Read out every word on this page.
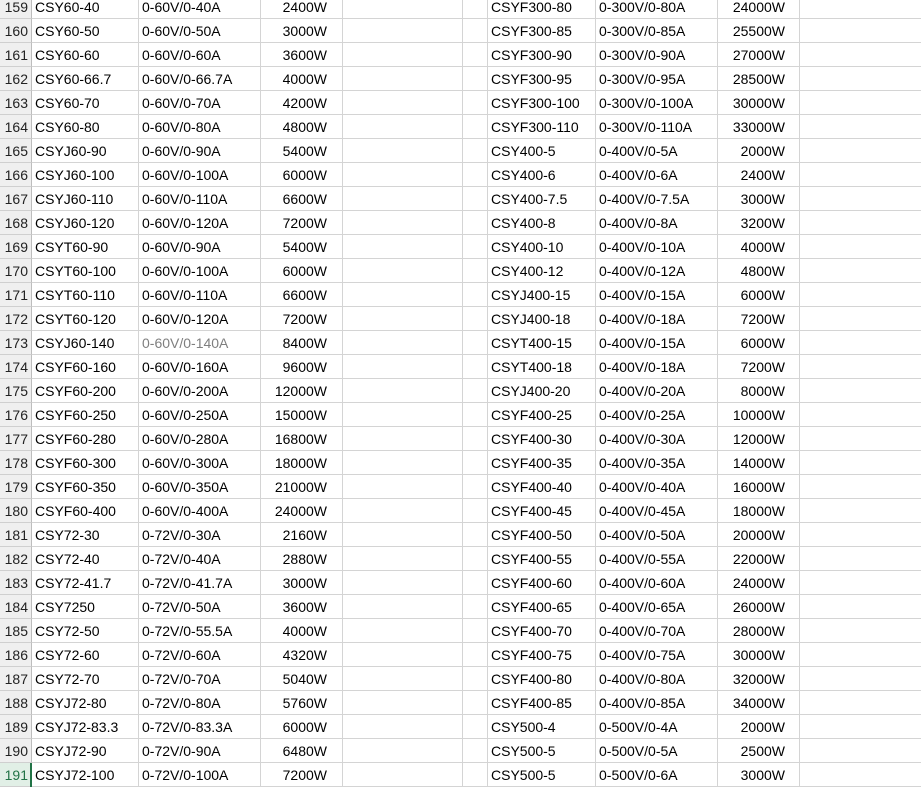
159 CSY60-40	0-60V/0-40A	2400W	CSYF300-80	0-300V/0-80A	24000W
160 CSY60-50	0-60V/0-50A	3000W	CSYF300-85	0-300V/0-85A	25500W
161 CSY60-60	0-60V/0-60A	3600W	CSYF300-90	0-300V/0-90A	27000W
162 CSY60-66.7	0-60V/0-66.7A	4000W	CSYF300-95	0-300V/0-95A	28500W
163 CSY60-70	0-60V/0-70A	4200W	CSYF300-100	0-300V/0-100A	30000W
164 CSY60-80	0-60V/0-80A	4800W	CSYF300-110	0-300V/0-110A	33000W
165 CSYJ60-90	0-60V/0-90A	5400W	CSY400-5	0-400V/0-5A	2000W
166 CSYJ60-100	0-60V/0-100A	6000W	CSY400-6	0-400V/0-6A	2400W
167 CSYJ60-110	0-60V/0-110A	6600W	CSY400-7.5	0-400V/0-7.5A	3000W
168 CSYJ60-120	0-60V/0-120A	7200W	CSY400-8	0-400V/0-8A	3200W
169 CSYT60-90	0-60V/0-90A	5400W	CSY400-10	0-400V/0-10A	4000W
170 CSYT60-100	0-60V/0-100A	6000W	CSY400-12	0-400V/0-12A	4800W
171 CSYT60-110	0-60V/0-110A	6600W	CSYJ400-15	0-400V/0-15A	6000W
172 CSYT60-120	0-60V/0-120A	7200W	CSYJ400-18	0-400V/0-18A	7200W
173 CSYJ60-140	0-60V/0-140A	8400W	CSYT400-15	0-400V/0-15A	6000W
174 CSYF60-160	0-60V/0-160A	9600W	CSYT400-18	0-400V/0-18A	7200W
175 CSYF60-200	0-60V/0-200A	12000W	CSYJ400-20	0-400V/0-20A	8000W
176 CSYF60-250	0-60V/0-250A	15000W	CSYF400-25	0-400V/0-25A	10000W
177 CSYF60-280	0-60V/0-280A	16800W	CSYF400-30	0-400V/0-30A	12000W
178 CSYF60-300	0-60V/0-300A	18000W	CSYF400-35	0-400V/0-35A	14000W
179 CSYF60-350	0-60V/0-350A	21000W	CSYF400-40	0-400V/0-40A	16000W
180 CSYF60-400	0-60V/0-400A	24000W	CSYF400-45	0-400V/0-45A	18000W
181 CSY72-30	0-72V/0-30A	2160W	CSYF400-50	0-400V/0-50A	20000W
182 CSY72-40	0-72V/0-40A	2880W	CSYF400-55	0-400V/0-55A	22000W
183 CSY72-41.7	0-72V/0-41.7A	3000W	CSYF400-60	0-400V/0-60A	24000W
184 CSY7250	0-72V/0-50A	3600W	CSYF400-65	0-400V/0-65A	26000W
185 CSY72-50	0-72V/0-55.5A	4000W	CSYF400-70	0-400V/0-70A	28000W
186 CSY72-60	0-72V/0-60A	4320W	CSYF400-75	0-400V/0-75A	30000W
187 CSY72-70	0-72V/0-70A	5040W	CSYF400-80	0-400V/0-80A	32000W
188 CSYJ72-80	0-72V/0-80A	5760W	CSYF400-85	0-400V/0-85A	34000W
189 CSYJ72-83.3	0-72V/0-83.3A	6000W	CSY500-4	0-500V/0-4A	2000W
190 CSYJ72-90	0-72V/0-90A	6480W	CSY500-5	0-500V/0-5A	2500W
191 CSYJ72-100	0-72V/0-100A	7200W	CSY500-5	0-500V/0-6A	3000W
